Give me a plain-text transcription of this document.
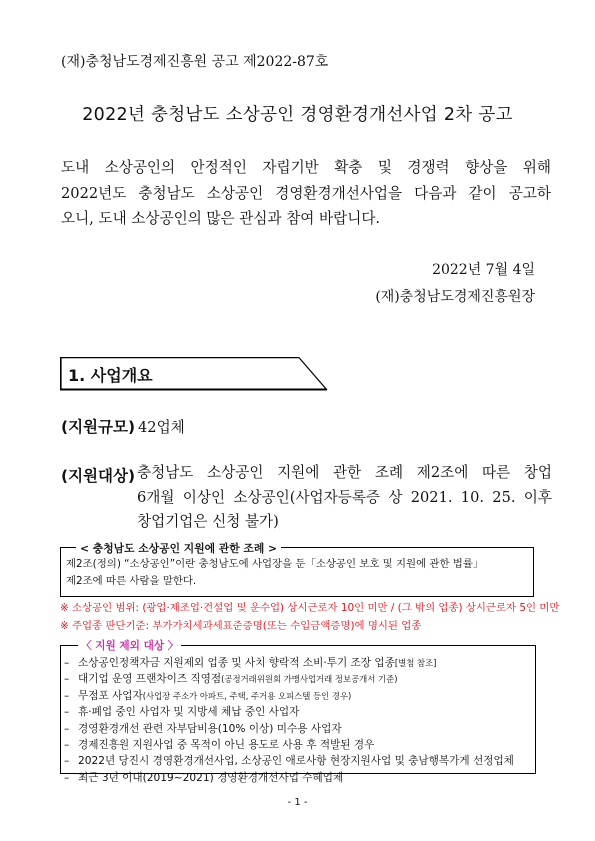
(재)충청남도경제진흥원 공고 제2022-87호
2022년 충청남도 소상공인 경영환경개선사업 2차 공고

도내 소상공인의 안정적인 자립기반 확충 및 경쟁력 향상을 위해

2022년도 충청남도 소상공인 경영환경개선사업을 다음과 같이 공고하

오니, 도내 소상공인의 많은 관심과 참여 바랍니다.

2022년 7월 4일
(재)충청남도경제진흥원장
1. 사업개요
(지원규모) 42업체
(지원대상) 충청남도 소상공인 지원에 관한 조례 제2조에 따른 창업

6개월 이상인 소상공인(사업자등록증 상 2021. 10. 25. 이후

창업기업은 신청 불가)

< 충청남도 소상공인 지원에 관한 조례 >

제2조(정의) “소상공인”이란 충청남도에 사업장을 둔「소상공인 보호 및 지원에 관한 법률」

제2조에 따른 사람을 말한다.

※ 소상공인 범위: (광업·제조업·건설업 및 운수업) 상시근로자 10인 미만 / (그 밖의 업종) 상시근로자 5인 미만
※ 주업종 판단기준: 부가가치세과세표준증명(또는 수입금액증명)에 명시된 업종
〈 지원 제외 대상 〉
– 소상공인정책자금 지원제외 업종 및 사치 향락적 소비·투기 조장 업종[별첨 참조]
– 대기업 운영 프랜차이즈 직영점(공정거래위원회 가맹사업거래 정보공개서 기준)
– 무점포 사업자(사업장 주소가 아파트, 주택, 주거용 오피스텔 등인 경우)
– 휴·폐업 중인 사업자 및 지방세 체납 중인 사업자
– 경영환경개선 관련 자부담비용(10% 이상) 미수용 사업자
– 경제진흥원 지원사업 중 목적이 아닌 용도로 사용 후 적발된 경우
– 2022년 당진시 경영환경개선사업, 소상공인 애로사항 현장지원사업 및 충남행복가게 선정업체
– 최근 3년 이내(2019~2021) 경영환경개선사업 수혜업체
- 1 -
